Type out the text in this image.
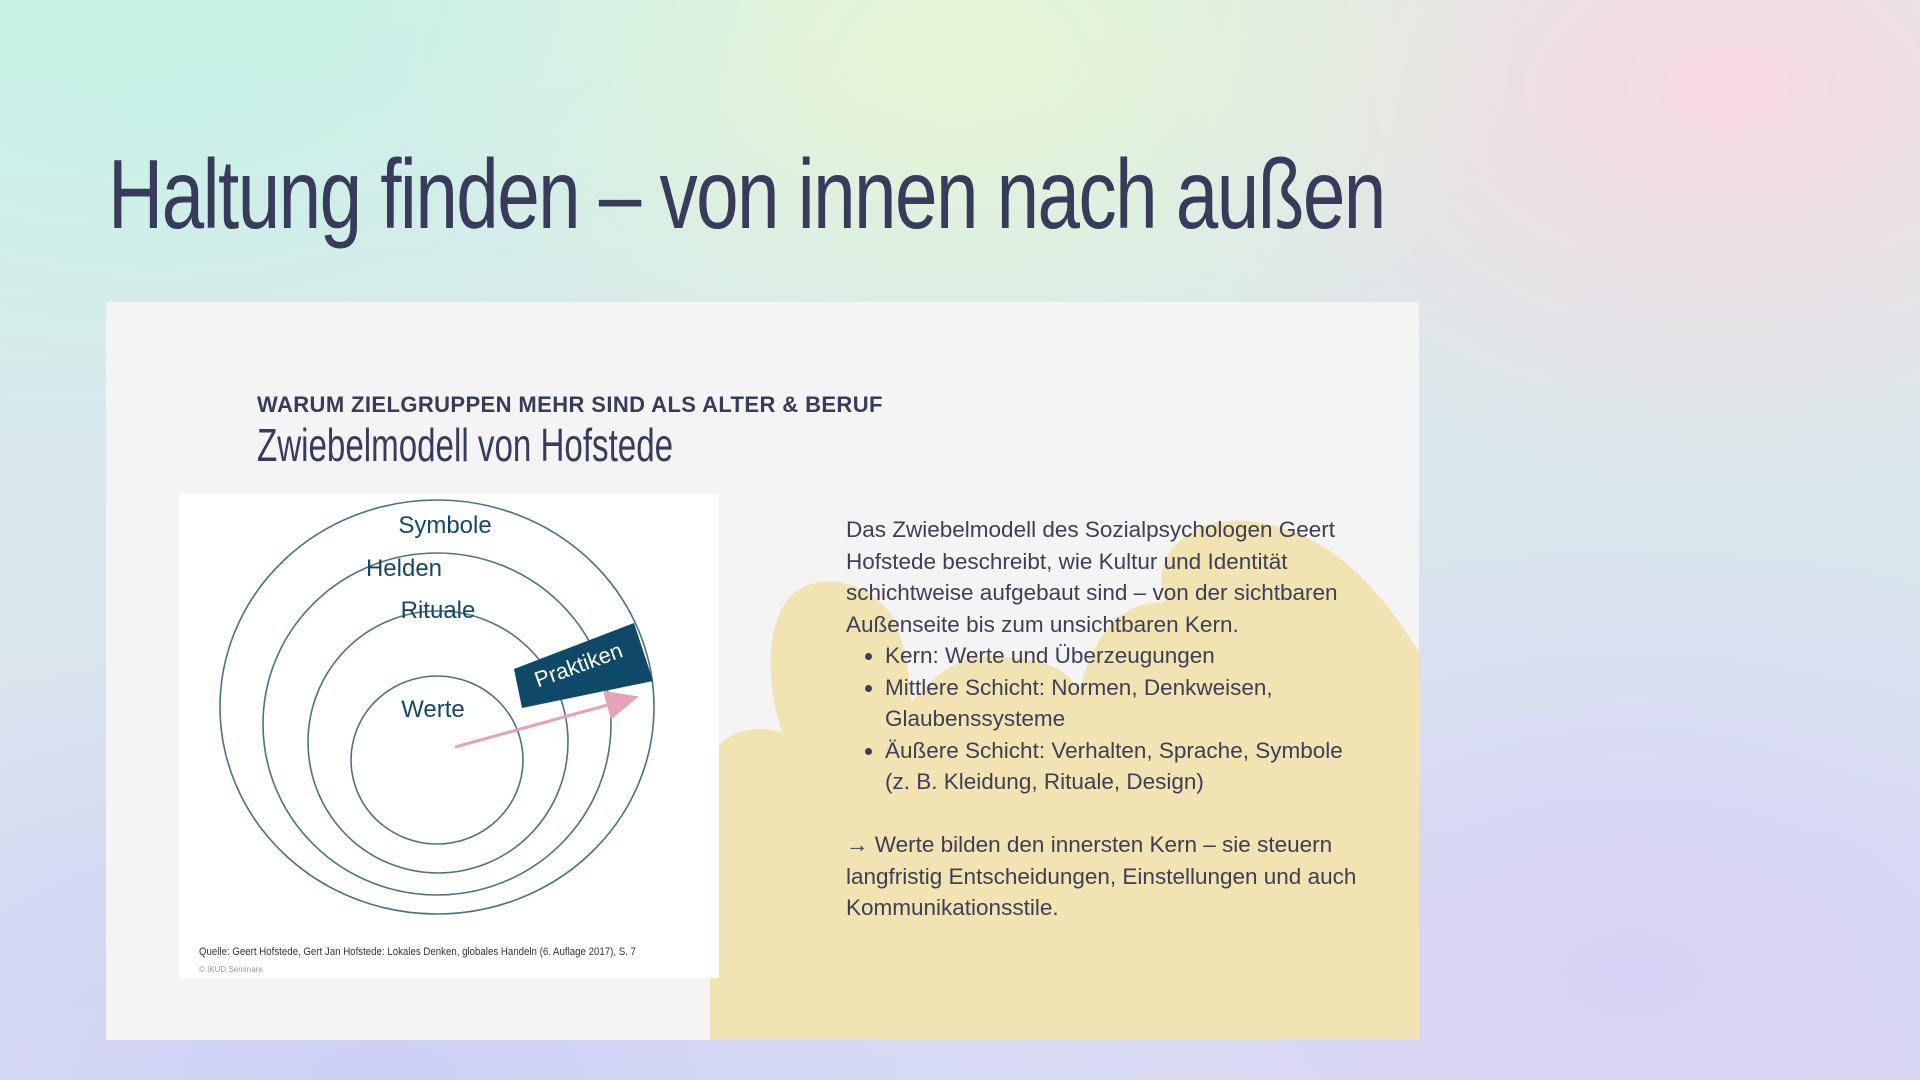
Haltung finden – von innen nach außen

WARUM ZIELGRUPPEN MEHR SIND ALS ALTER & BERUF

Zwiebelmodell von Hofstede
Symbole
Helden
Rituale
Werte
Praktiken
Quelle: Geert Hofstede, Gert Jan Hofstede: Lokales Denken, globales Handeln (6. Auflage 2017), S. 7
© IKUD Seminare

Das Zwiebelmodell des Sozialpsychologen Geert Hofstede beschreibt, wie Kultur und Identität schichtweise aufgebaut sind – von der sichtbaren Außenseite bis zum unsichtbaren Kern.

• Kern: Werte und Überzeugungen
• Mittlere Schicht: Normen, Denkweisen, Glaubenssysteme
• Äußere Schicht: Verhalten, Sprache, Symbole (z. B. Kleidung, Rituale, Design)

→ Werte bilden den innersten Kern – sie steuern langfristig Entscheidungen, Einstellungen und auch Kommunikationsstile.
